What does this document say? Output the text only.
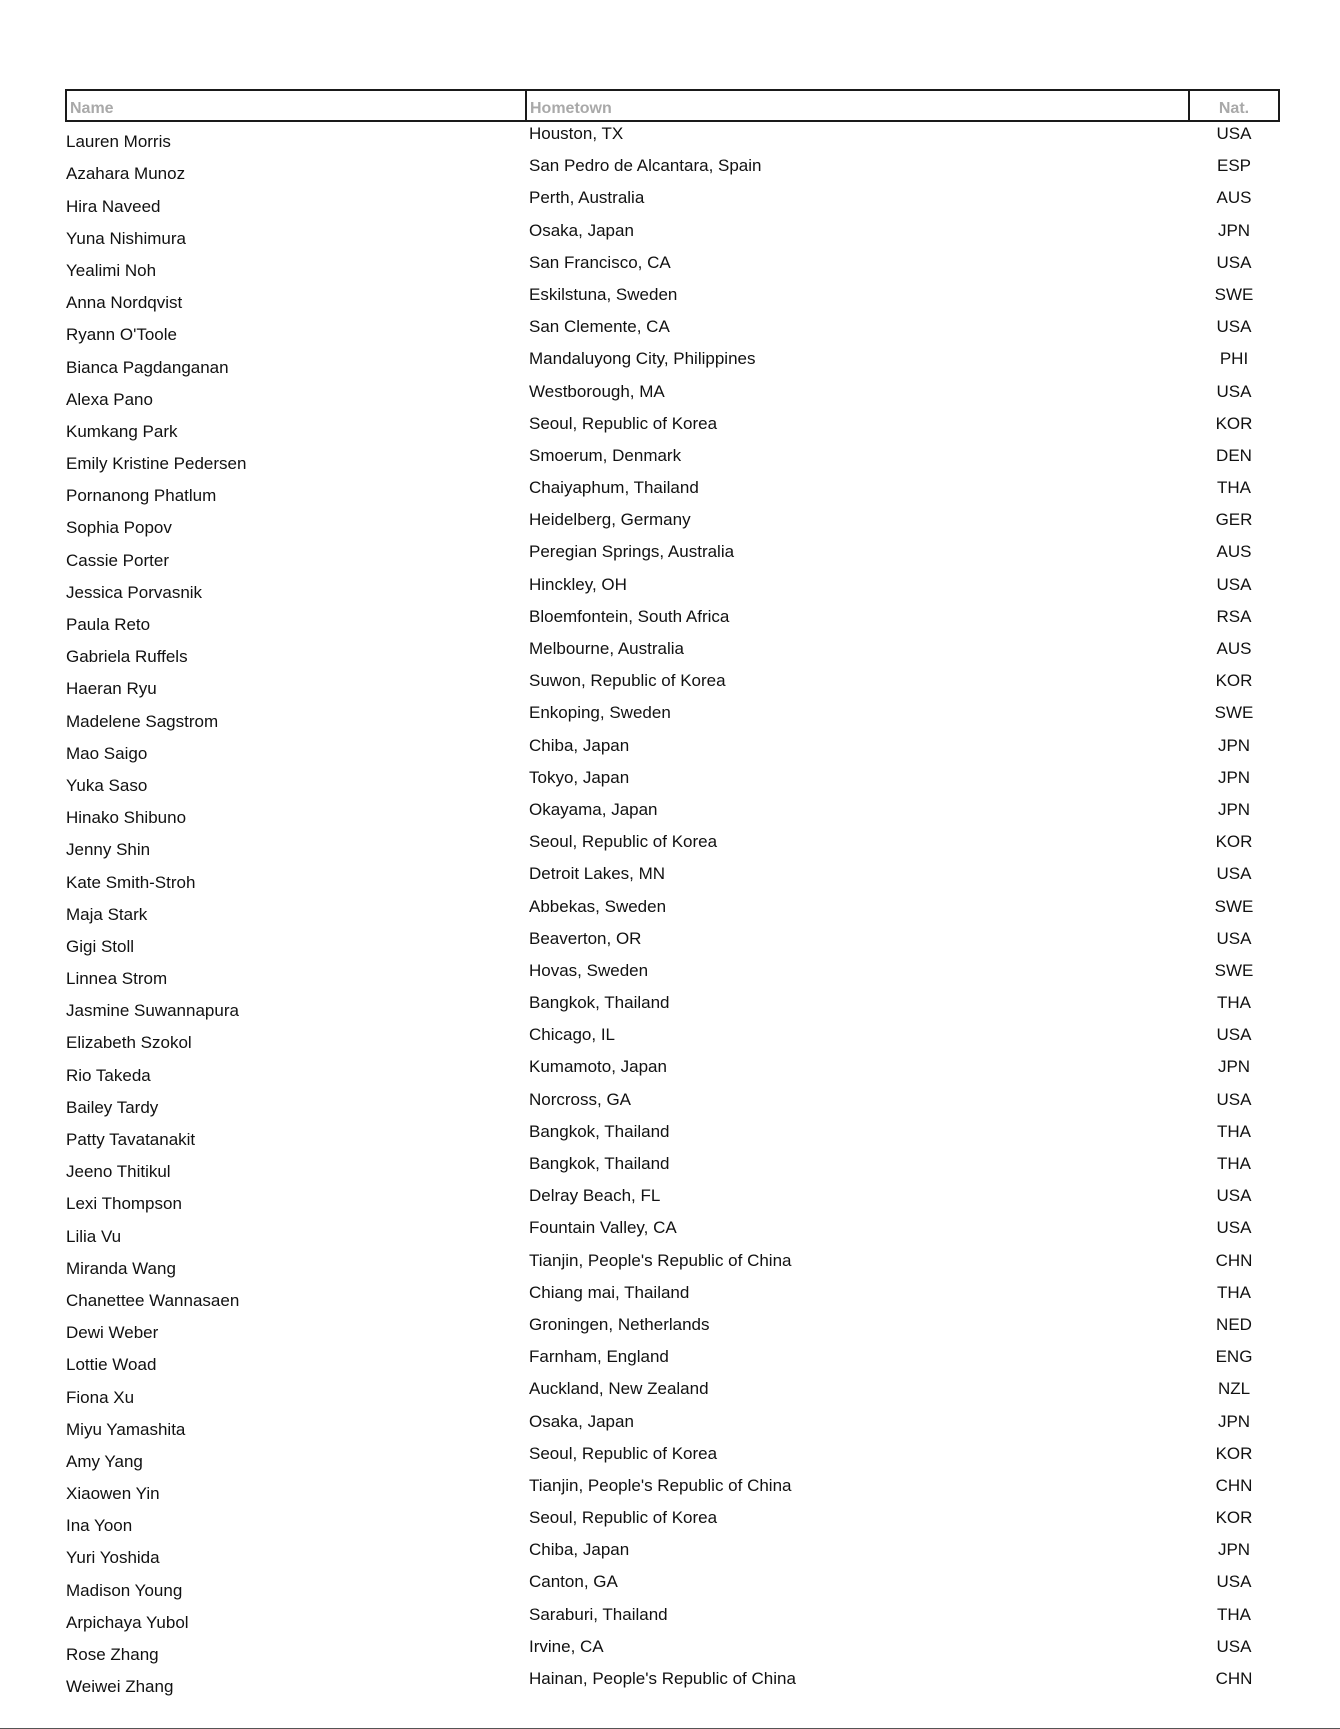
Name	Hometown	Nat.
Lauren Morris	Houston, TX	USA
Azahara Munoz	San Pedro de Alcantara, Spain	ESP
Hira Naveed	Perth, Australia	AUS
Yuna Nishimura	Osaka, Japan	JPN
Yealimi Noh	San Francisco, CA	USA
Anna Nordqvist	Eskilstuna, Sweden	SWE
Ryann O'Toole	San Clemente, CA	USA
Bianca Pagdanganan	Mandaluyong City, Philippines	PHI
Alexa Pano	Westborough, MA	USA
Kumkang Park	Seoul, Republic of Korea	KOR
Emily Kristine Pedersen	Smoerum, Denmark	DEN
Pornanong Phatlum	Chaiyaphum, Thailand	THA
Sophia Popov	Heidelberg, Germany	GER
Cassie Porter	Peregian Springs, Australia	AUS
Jessica Porvasnik	Hinckley, OH	USA
Paula Reto	Bloemfontein, South Africa	RSA
Gabriela Ruffels	Melbourne, Australia	AUS
Haeran Ryu	Suwon, Republic of Korea	KOR
Madelene Sagstrom	Enkoping, Sweden	SWE
Mao Saigo	Chiba, Japan	JPN
Yuka Saso	Tokyo, Japan	JPN
Hinako Shibuno	Okayama, Japan	JPN
Jenny Shin	Seoul, Republic of Korea	KOR
Kate Smith-Stroh	Detroit Lakes, MN	USA
Maja Stark	Abbekas, Sweden	SWE
Gigi Stoll	Beaverton, OR	USA
Linnea Strom	Hovas, Sweden	SWE
Jasmine Suwannapura	Bangkok, Thailand	THA
Elizabeth Szokol	Chicago, IL	USA
Rio Takeda	Kumamoto, Japan	JPN
Bailey Tardy	Norcross, GA	USA
Patty Tavatanakit	Bangkok, Thailand	THA
Jeeno Thitikul	Bangkok, Thailand	THA
Lexi Thompson	Delray Beach, FL	USA
Lilia Vu	Fountain Valley, CA	USA
Miranda Wang	Tianjin, People's Republic of China	CHN
Chanettee Wannasaen	Chiang mai, Thailand	THA
Dewi Weber	Groningen, Netherlands	NED
Lottie Woad	Farnham, England	ENG
Fiona Xu	Auckland, New Zealand	NZL
Miyu Yamashita	Osaka, Japan	JPN
Amy Yang	Seoul, Republic of Korea	KOR
Xiaowen Yin	Tianjin, People's Republic of China	CHN
Ina Yoon	Seoul, Republic of Korea	KOR
Yuri Yoshida	Chiba, Japan	JPN
Madison Young	Canton, GA	USA
Arpichaya Yubol	Saraburi, Thailand	THA
Rose Zhang	Irvine, CA	USA
Weiwei Zhang	Hainan, People's Republic of China	CHN
